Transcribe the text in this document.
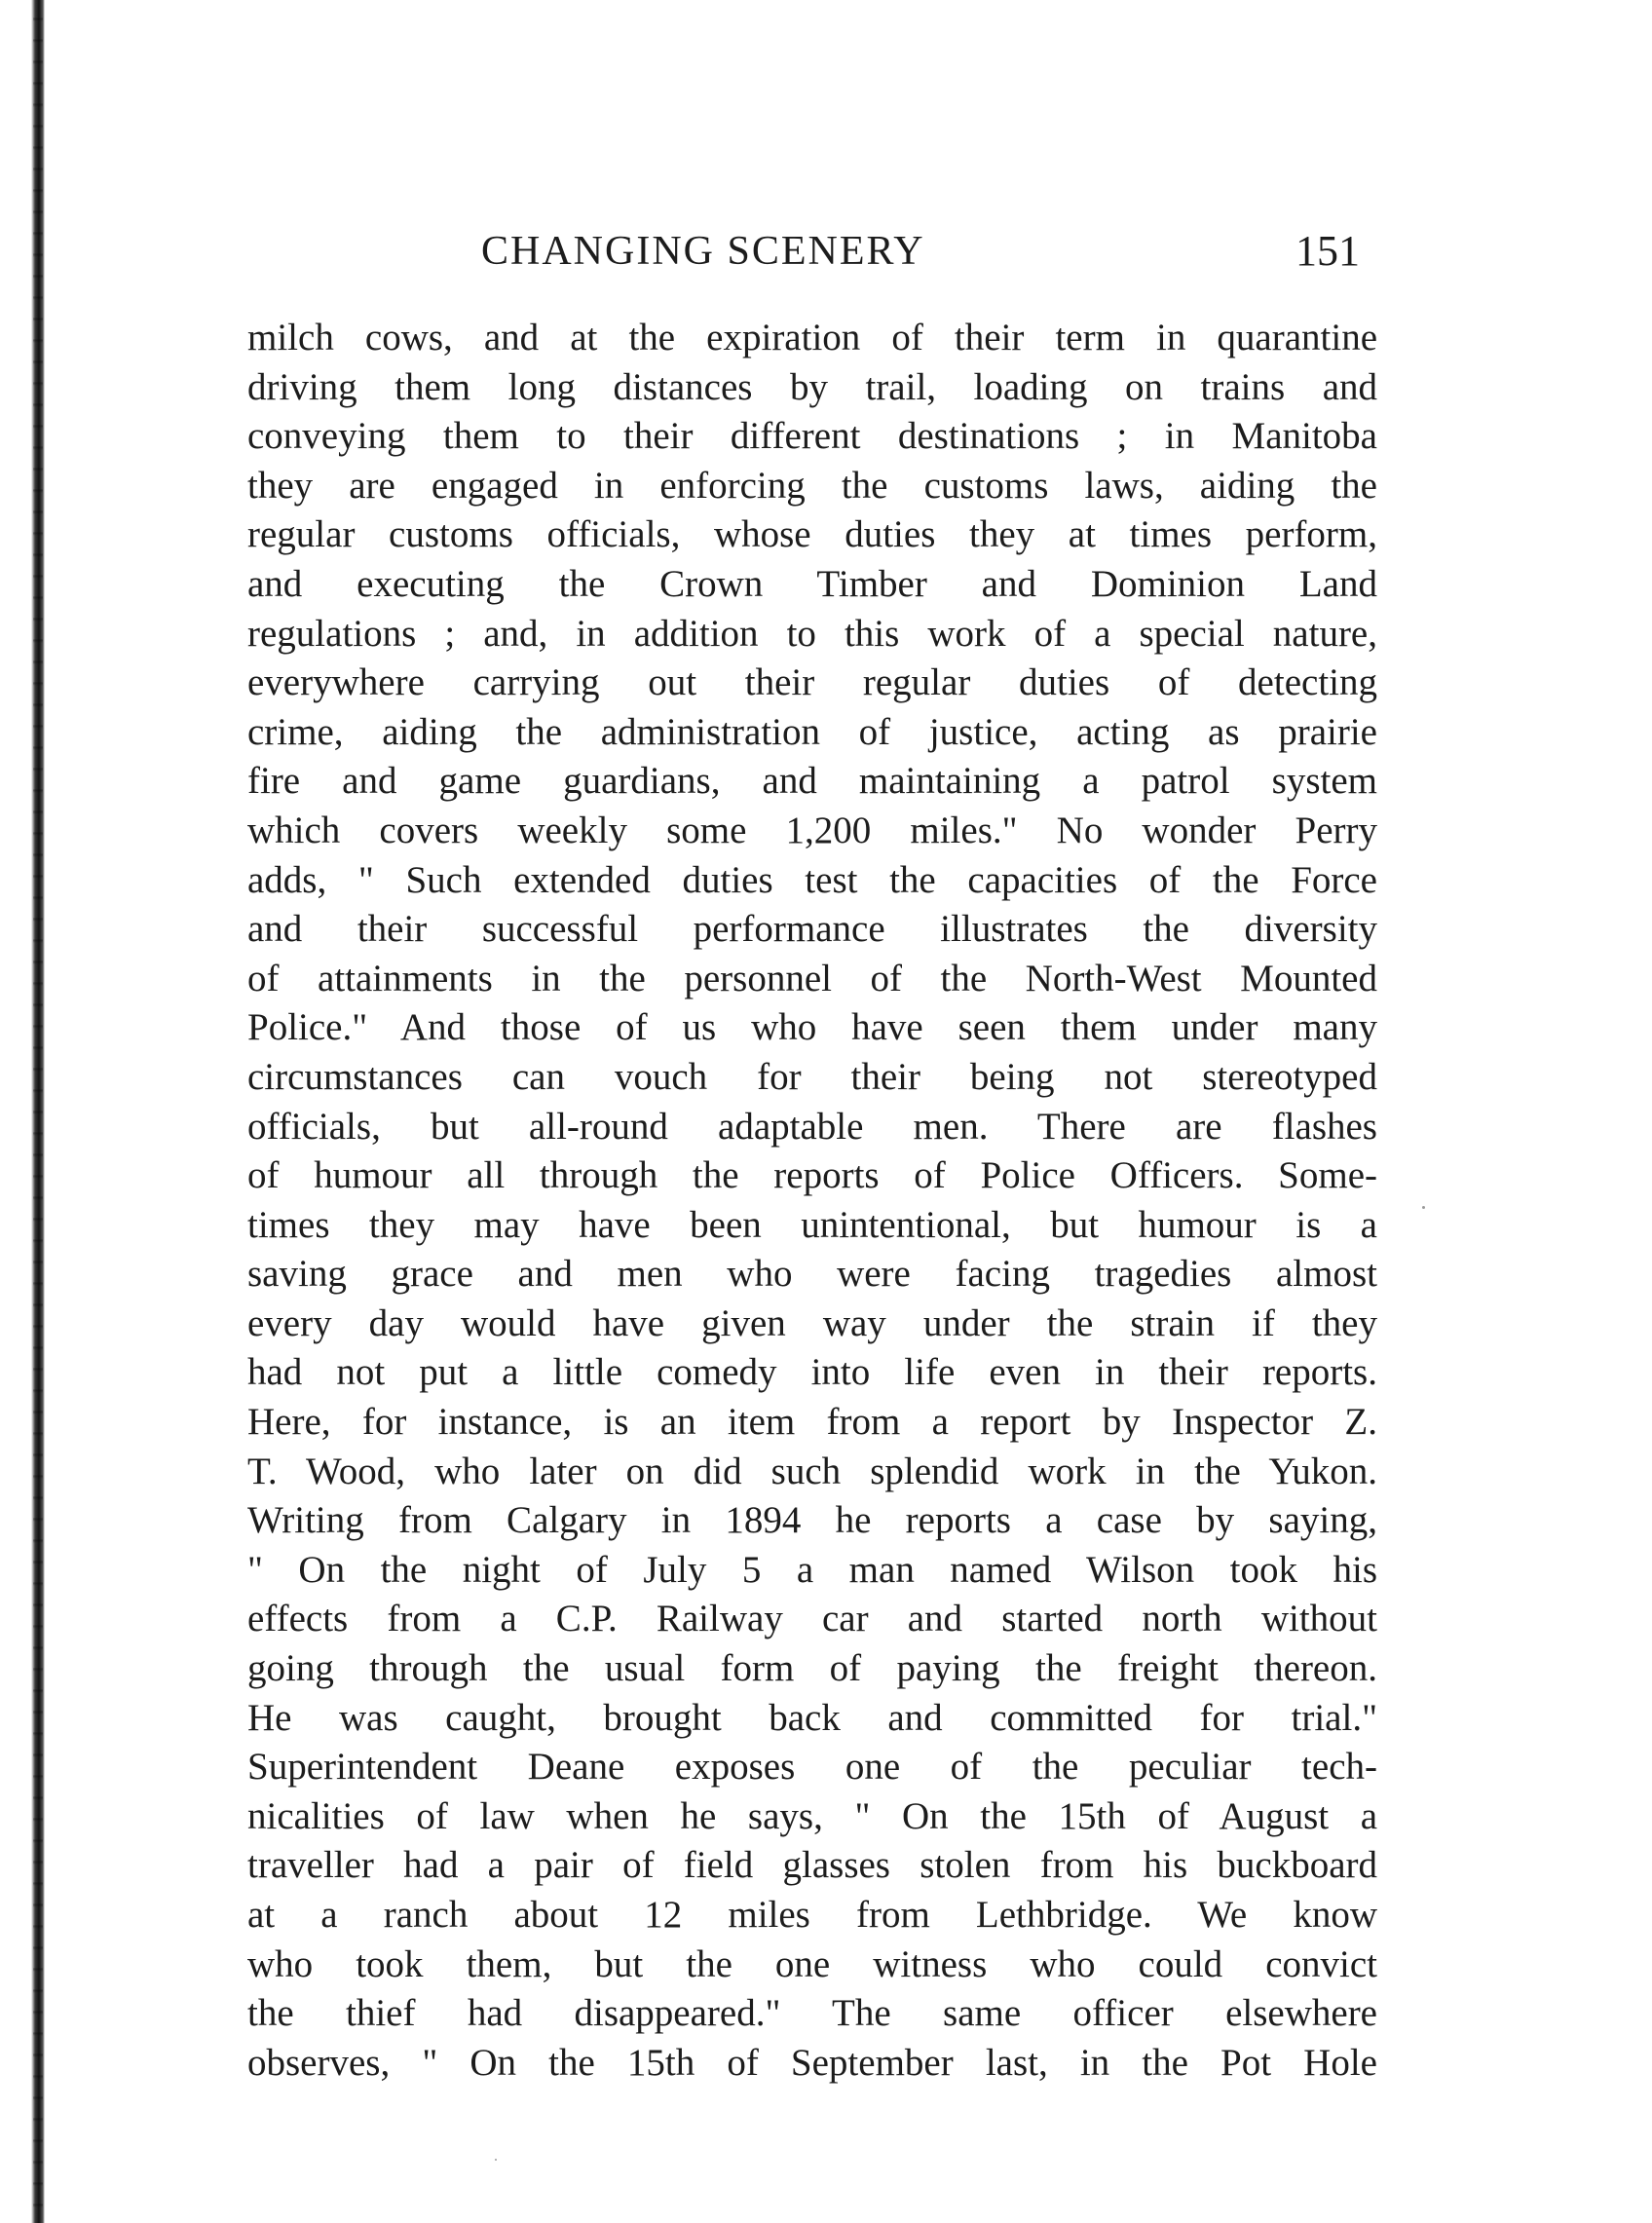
CHANGING SCENERY	151
milch cows, and at the expiration of their term in quarantine
driving them long distances by trail, loading on trains and
conveying them to their different destinations ; in Manitoba
they are engaged in enforcing the customs laws, aiding the
regular customs officials, whose duties they at times perform,
and executing the Crown Timber and Dominion Land
regulations ; and, in addition to this work of a special nature,
everywhere carrying out their regular duties of detecting
crime, aiding the administration of justice, acting as prairie
fire and game guardians, and maintaining a patrol system
which covers weekly some 1,200 miles." No wonder Perry
adds, " Such extended duties test the capacities of the Force
and their successful performance illustrates the diversity
of attainments in the personnel of the North-West Mounted
Police." And those of us who have seen them under many
circumstances can vouch for their being not stereotyped
officials, but all-round adaptable men. There are flashes
of humour all through the reports of Police Officers. Some-
times they may have been unintentional, but humour is a
saving grace and men who were facing tragedies almost
every day would have given way under the strain if they
had not put a little comedy into life even in their reports.
Here, for instance, is an item from a report by Inspector Z.
T. Wood, who later on did such splendid work in the Yukon.
Writing from Calgary in 1894 he reports a case by saying,
" On the night of July 5 a man named Wilson took his
effects from a C.P. Railway car and started north without
going through the usual form of paying the freight thereon.
He was caught, brought back and committed for trial."
Superintendent Deane exposes one of the peculiar tech-
nicalities of law when he says, " On the 15th of August a
traveller had a pair of field glasses stolen from his buckboard
at a ranch about 12 miles from Lethbridge. We know
who took them, but the one witness who could convict
the thief had disappeared." The same officer elsewhere
observes, " On the 15th of September last, in the Pot Hole
